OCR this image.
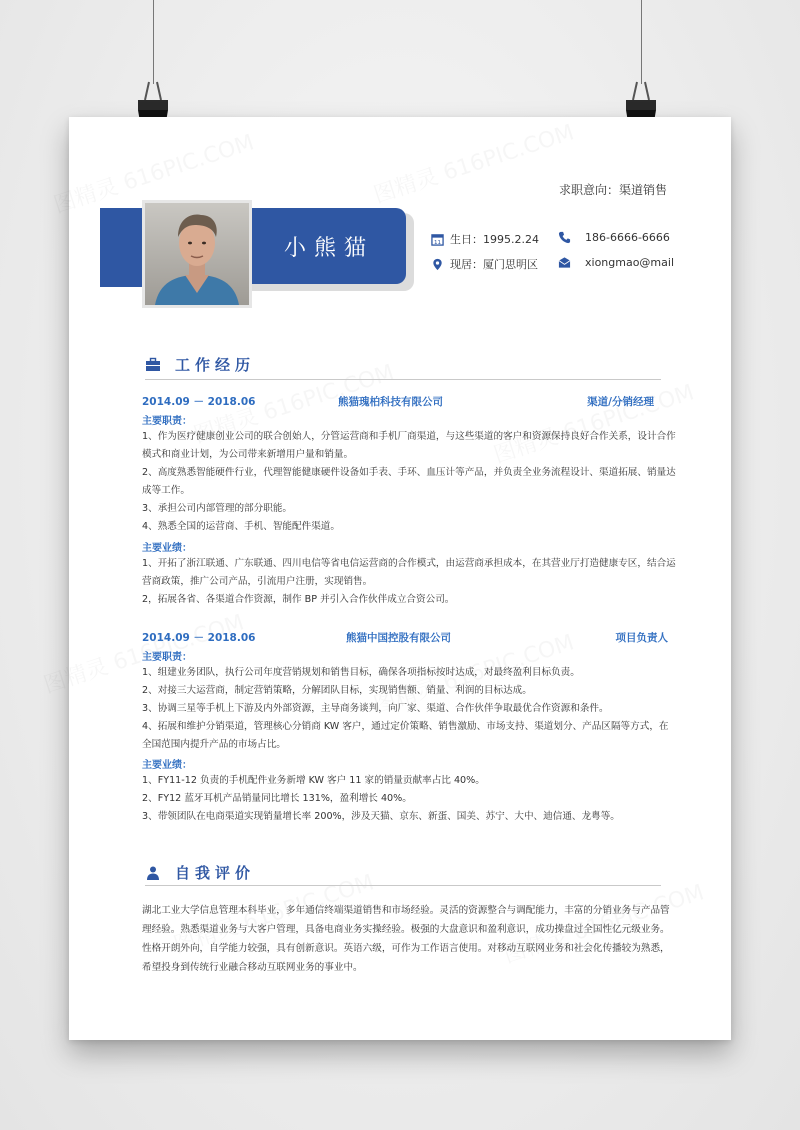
求职意向：渠道销售
小熊猫	11 生日：1995.2.24	186-6666-6666
现居：厦门思明区	xiongmao@mail
工作经历
2014.09 － 2018.06	熊猫瑰柏科技有限公司	渠道/分销经理
主要职责：

1、作为医疗健康创业公司的联合创始人，分管运营商和手机厂商渠道，与这些渠道的客户和资源保持良好合作关系，设计合作模式和商业计划，为公司带来新增用户量和销量。

2、高度熟悉智能硬件行业，代理智能健康硬件设备如手表、手环、血压计等产品，并负责全业务流程设计、渠道拓展、销量达成等工作。

3、承担公司内部管理的部分职能。

4、熟悉全国的运营商、手机、智能配件渠道。

主要业绩：

1、开拓了浙江联通、广东联通、四川电信等省电信运营商的合作模式，由运营商承担成本，在其营业厅打造健康专区，结合运营商政策，推广公司产品，引流用户注册，实现销售。

2，拓展各省、各渠道合作资源，制作 BP 并引入合作伙伴成立合资公司。

2014.09 － 2018.06	熊猫中国控股有限公司	项目负责人
主要职责：

1、组建业务团队，执行公司年度营销规划和销售目标，确保各项指标按时达成，对最终盈利目标负责。

2、对接三大运营商，制定营销策略，分解团队目标，实现销售额、销量、利润的目标达成。

3、协调三星等手机上下游及内外部资源，主导商务谈判，向厂家、渠道、合作伙伴争取最优合作资源和条件。

4、拓展和维护分销渠道，管理核心分销商 KW 客户，通过定价策略、销售激励、市场支持、渠道划分、产品区隔等方式，在全国范围内提升产品的市场占比。

主要业绩：

1、FY11-12 负责的手机配件业务新增 KW 客户 11 家的销量贡献率占比 40%。

2、FY12 蓝牙耳机产品销量同比增长 131%，盈利增长 40%。

3、带领团队在电商渠道实现销量增长率 200%，涉及天猫、京东、新蛋、国美、苏宁、大中、迪信通、龙粤等。

自我评价
湖北工业大学信息管理本科毕业，多年通信终端渠道销售和市场经验。灵活的资源整合与调配能力，丰富的分销业务与产品管理经验。熟悉渠道业务与大客户管理，具备电商业务实操经验。极强的大盘意识和盈利意识，成功操盘过全国性亿元级业务。性格开朗外向，自学能力较强，具有创新意识。英语六级，可作为工作语言使用。对移动互联网业务和社会化传播较为熟悉，希望投身到传统行业融合移动互联网业务的事业中。
